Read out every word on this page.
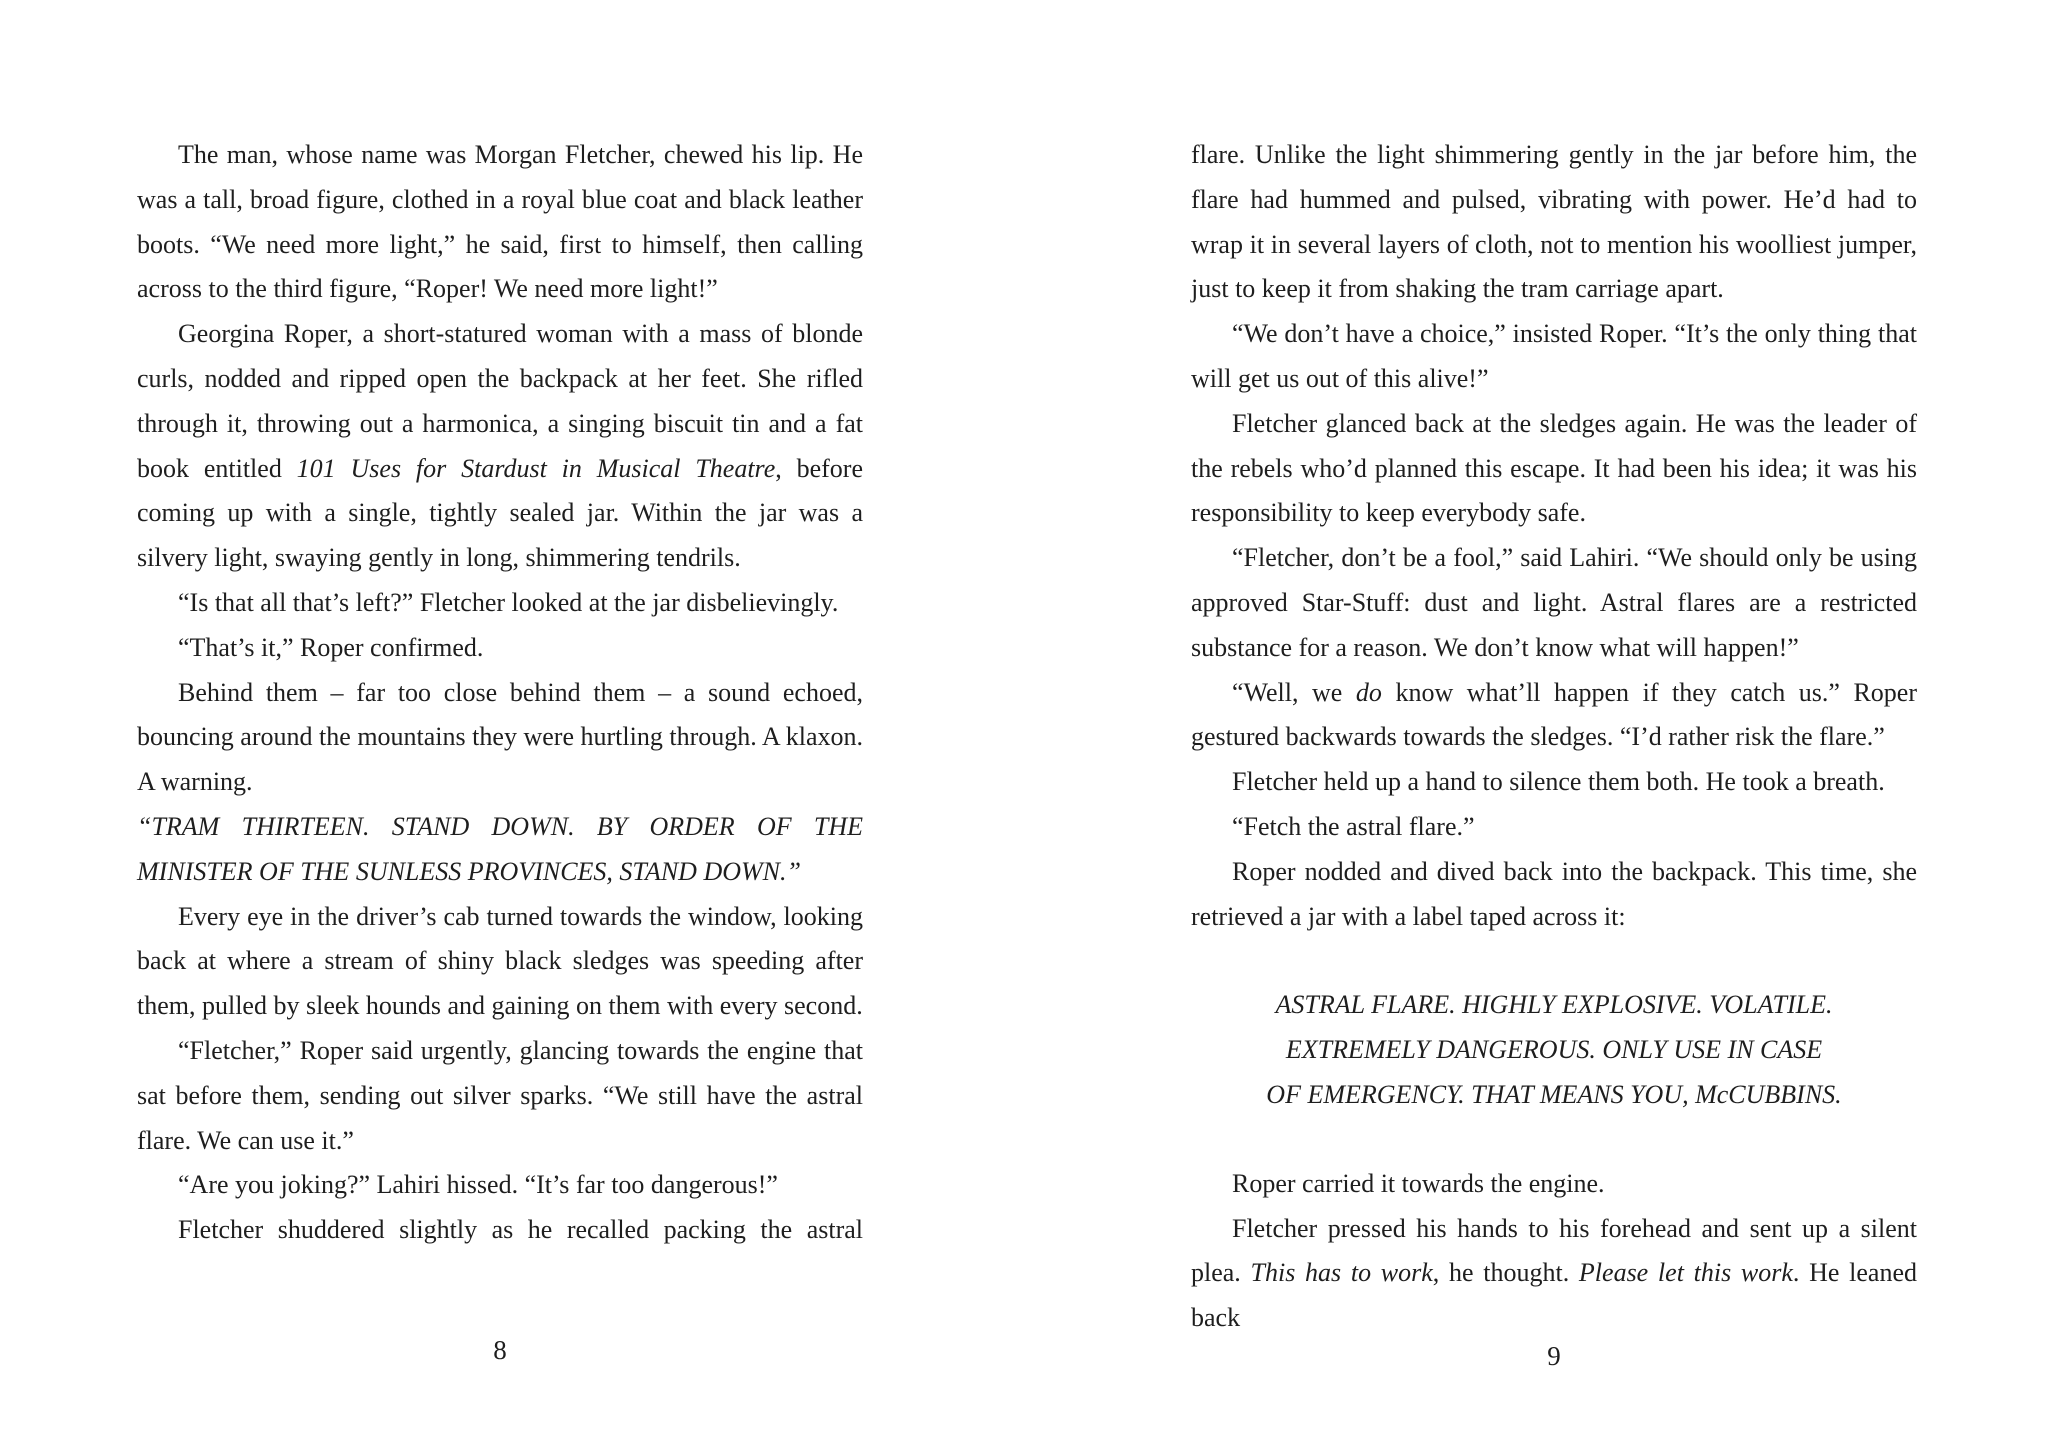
The man, whose name was Morgan Fletcher, chewed his lip. He was a tall, broad figure, clothed in a royal blue coat and black leather boots. “We need more light,” he said, first to himself, then calling across to the third figure, “Roper! We need more light!”

Georgina Roper, a short-statured woman with a mass of blonde curls, nodded and ripped open the backpack at her feet. She rifled through it, throwing out a harmonica, a singing biscuit tin and a fat book entitled 101 Uses for Stardust in Musical Theatre, before coming up with a single, tightly sealed jar. Within the jar was a silvery light, swaying gently in long, shimmering tendrils.

“Is that all that’s left?” Fletcher looked at the jar disbelievingly.

“That’s it,” Roper confirmed.

Behind them – far too close behind them – a sound echoed, bouncing around the mountains they were hurtling through. A klaxon. A warning.

“TRAM THIRTEEN. STAND DOWN. BY ORDER OF THE MINISTER OF THE SUNLESS PROVINCES, STAND DOWN.”

Every eye in the driver’s cab turned towards the window, looking back at where a stream of shiny black sledges was speeding after them, pulled by sleek hounds and gaining on them with every second.

“Fletcher,” Roper said urgently, glancing towards the engine that sat before them, sending out silver sparks. “We still have the astral flare. We can use it.”

“Are you joking?” Lahiri hissed. “It’s far too dangerous!”

Fletcher shuddered slightly as he recalled packing the astral

8

flare. Unlike the light shimmering gently in the jar before him, the flare had hummed and pulsed, vibrating with power. He’d had to wrap it in several layers of cloth, not to mention his woolliest jumper, just to keep it from shaking the tram carriage apart.

“We don’t have a choice,” insisted Roper. “It’s the only thing that will get us out of this alive!”

Fletcher glanced back at the sledges again. He was the leader of the rebels who’d planned this escape. It had been his idea; it was his responsibility to keep everybody safe.

“Fletcher, don’t be a fool,” said Lahiri. “We should only be using approved Star-Stuff: dust and light. Astral flares are a restricted substance for a reason. We don’t know what will happen!”

“Well, we do know what’ll happen if they catch us.” Roper gestured backwards towards the sledges. “I’d rather risk the flare.”

Fletcher held up a hand to silence them both. He took a breath.

“Fetch the astral flare.”

Roper nodded and dived back into the backpack. This time, she retrieved a jar with a label taped across it:

ASTRAL FLARE. HIGHLY EXPLOSIVE. VOLATILE.
EXTREMELY DANGEROUS. ONLY USE IN CASE
OF EMERGENCY. THAT MEANS YOU, McCUBBINS.

Roper carried it towards the engine.

Fletcher pressed his hands to his forehead and sent up a silent plea. This has to work, he thought. Please let this work. He leaned back

9
